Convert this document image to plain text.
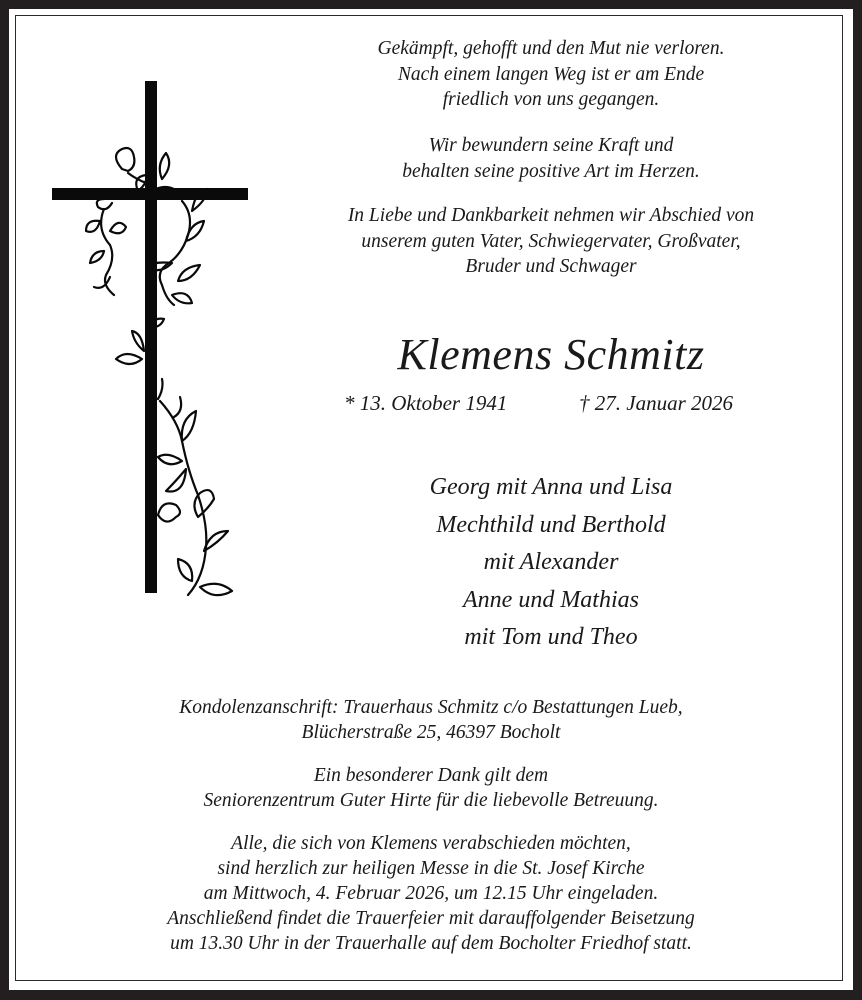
Gekämpft, gehofft und den Mut nie verloren.
Nach einem langen Weg ist er am Ende
friedlich von uns gegangen.
Wir bewundern seine Kraft und
behalten seine positive Art im Herzen.
In Liebe und Dankbarkeit nehmen wir Abschied von
unserem guten Vater, Schwiegervater, Großvater,
Bruder und Schwager
Klemens Schmitz
* 13. Oktober 1941	† 27. Januar 2026
Georg mit Anna und Lisa
Mechthild und Berthold
mit Alexander
Anne und Mathias
mit Tom und Theo
Kondolenzanschrift: Trauerhaus Schmitz c/o Bestattungen Lueb,
Blücherstraße 25, 46397 Bocholt
Ein besonderer Dank gilt dem
Seniorenzentrum Guter Hirte für die liebevolle Betreuung.
Alle, die sich von Klemens verabschieden möchten,
sind herzlich zur heiligen Messe in die St. Josef Kirche
am Mittwoch, 4. Februar 2026, um 12.15 Uhr eingeladen.
Anschließend findet die Trauerfeier mit darauffolgender Beisetzung
um 13.30 Uhr in der Trauerhalle auf dem Bocholter Friedhof statt.
